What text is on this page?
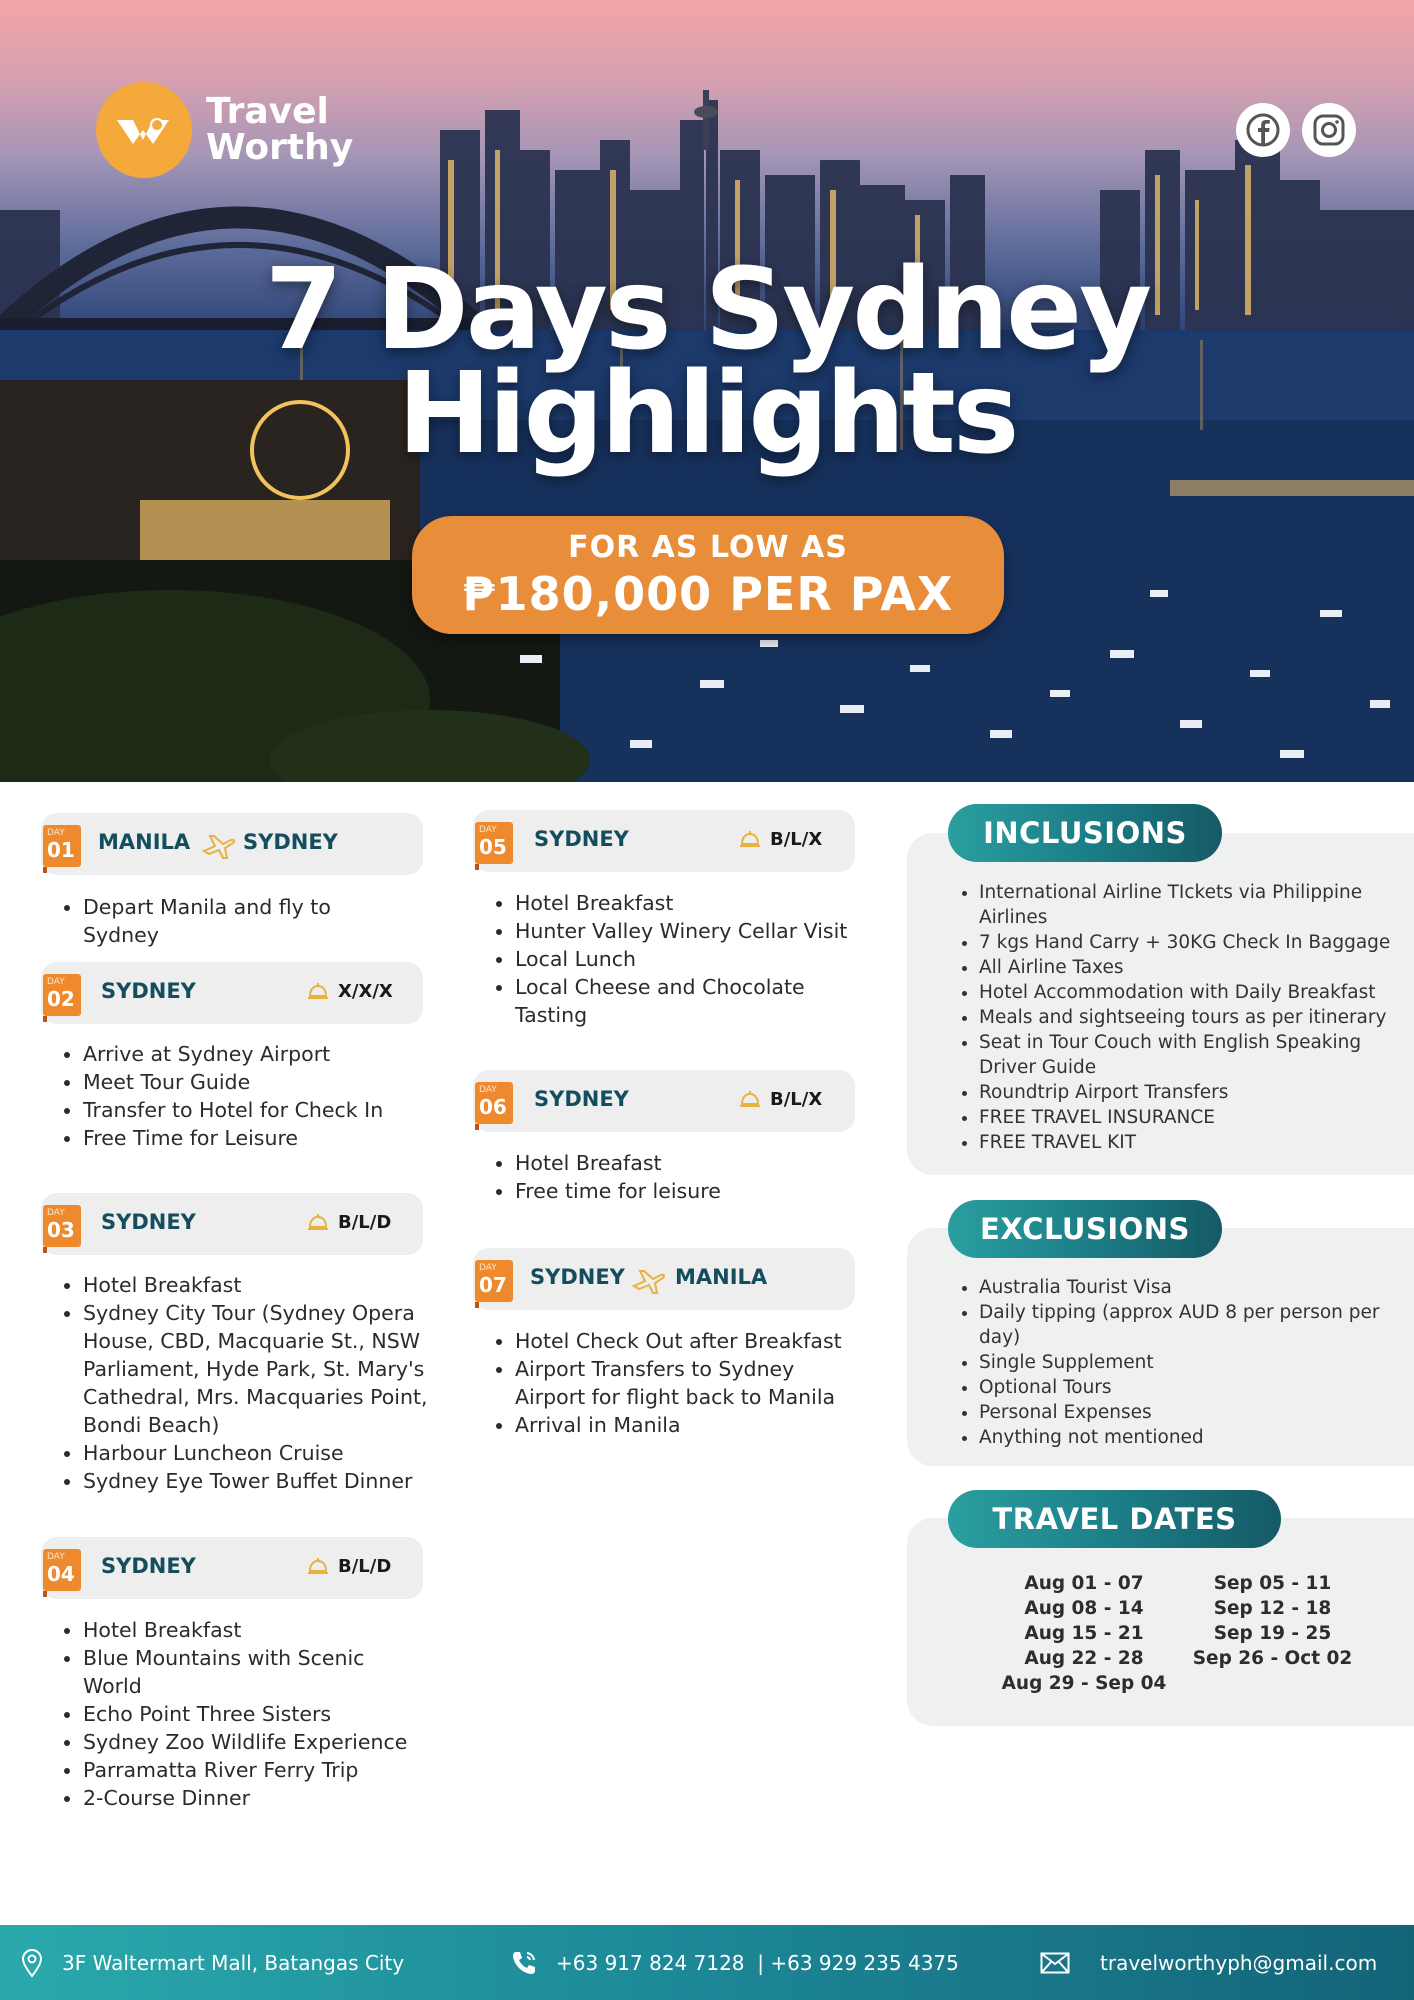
Travel
Worthy
7 Days Sydney
Highlights
FOR AS LOW AS
₱180,000 PER PAX
DAY
01 MANILA	SYDNEY
• Depart Manila and fly to Sydney
DAY
02 SYDNEY	X/X/X
• Arrive at Sydney Airport
• Meet Tour Guide
• Transfer to Hotel for Check In
• Free Time for Leisure
DAY
03 SYDNEY	B/L/D
• Hotel Breakfast
• Sydney City Tour (Sydney Opera House, CBD, Macquarie St., NSW Parliament, Hyde Park, St. Mary's Cathedral, Mrs. Macquaries Point, Bondi Beach)
• Harbour Luncheon Cruise
• Sydney Eye Tower Buffet Dinner
DAY
04 SYDNEY	B/L/D
• Hotel Breakfast
• Blue Mountains with Scenic World
• Echo Point Three Sisters
• Sydney Zoo Wildlife Experience
• Parramatta River Ferry Trip
• 2-Course Dinner
DAY
05 SYDNEY	B/L/X
• Hotel Breakfast
• Hunter Valley Winery Cellar Visit
• Local Lunch
• Local Cheese and Chocolate Tasting
DAY
06 SYDNEY	B/L/X
• Hotel Breafast
• Free time for leisure
DAY
07 SYDNEY MANILA
• Hotel Check Out after Breakfast
• Airport Transfers to Sydney Airport for flight back to Manila
• Arrival in Manila
INCLUSIONS
• International Airline TIckets via Philippine Airlines
• 7 kgs Hand Carry + 30KG Check In Baggage
• All Airline Taxes
• Hotel Accommodation with Daily Breakfast
• Meals and sightseeing tours as per itinerary
• Seat in Tour Couch with English Speaking Driver Guide
• Roundtrip Airport Transfers
• FREE TRAVEL INSURANCE
• FREE TRAVEL KIT
EXCLUSIONS
• Australia Tourist Visa
• Daily tipping (approx AUD 8 per person per day)
• Single Supplement
• Optional Tours
• Personal Expenses
• Anything not mentioned
TRAVEL DATES
Aug 01 - 07
Aug 08 - 14
Aug 15 - 21
Aug 22 - 28
Aug 29 - Sep 04
Sep 05 - 11
Sep 12 - 18
Sep 19 - 25
Sep 26 - Oct 02
3F Waltermart Mall, Batangas City	+63 917 824 7128  | +63 929 235 4375	travelworthyph@gmail.com
